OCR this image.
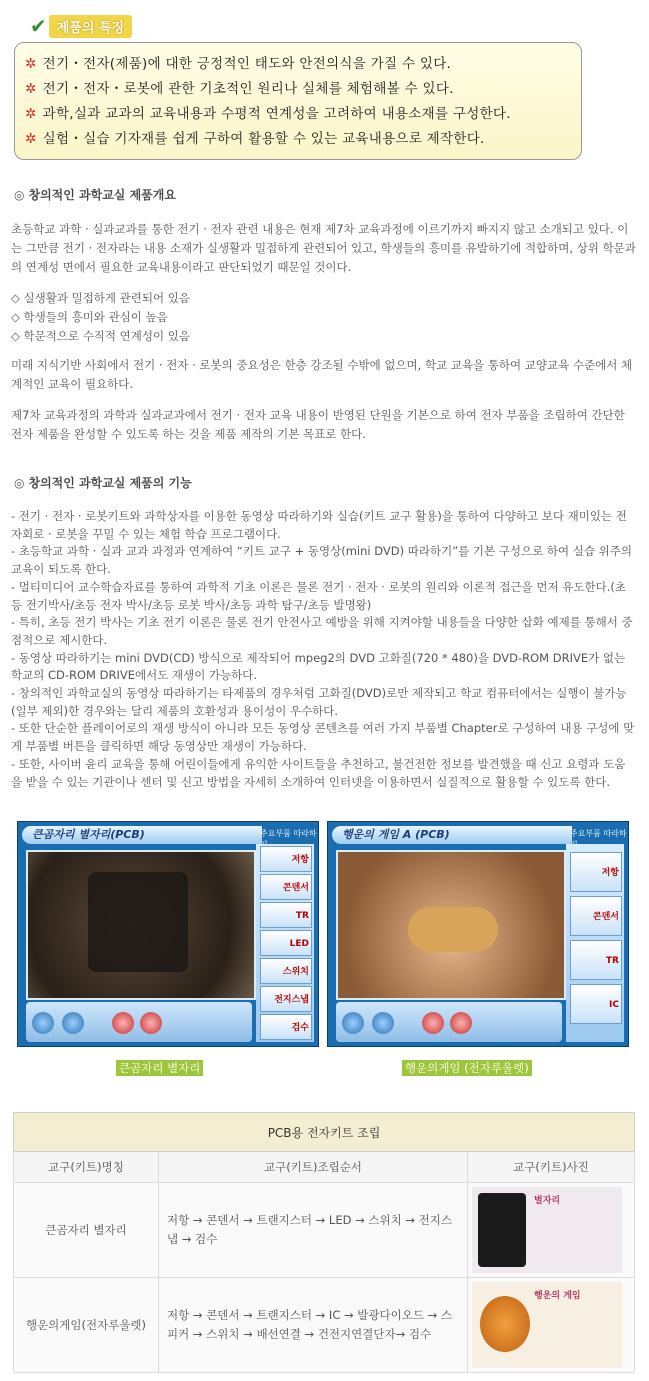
✔ 제품의 특징
✲ 전기・전자(제품)에 대한 긍정적인 태도와 안전의식을 가질 수 있다.
✲ 전기・전자・로봇에 관한 기초적인 원리나 실체를 체험해볼 수 있다.
✲ 과학,실과 교과의 교육내용과 수평적 연계성을 고려하여 내용소재를 구성한다.
✲ 실험・실습 기자재를 쉽게 구하여 활용할 수 있는 교육내용으로 제작한다.
◎ 창의적인 과학교실 제품개요
초등학교 과학 · 실과교과를 통한 전기 · 전자 관련 내용은 현재 제7차 교육과정에 이르기까지 빠지지 않고 소개되고 있다. 이는 그만큼 전기 · 전자라는 내용 소재가 실생활과 밀접하게 관련되어 있고, 학생들의 흥미를 유발하기에 적합하며, 상위 학문과의 연계성 면에서 필요한 교육내용이라고 판단되었기 때문일 것이다.

◇ 실생활과 밀접하게 관련되어 있음

◇ 학생들의 흥미와 관심이 높음

◇ 학문적으로 수직적 연계성이 있음

미래 지식기반 사회에서 전기 · 전자 · 로봇의 중요성은 한층 강조될 수밖에 없으며, 학교 교육을 통하여 교양교육 수준에서 체계적인 교육이 필요하다.
제7차 교육과정의 과학과 실과교과에서 전기 · 전자 교육 내용이 반영된 단원을 기본으로 하여 전자 부품을 조립하여 간단한 전자 제품을 완성할 수 있도록 하는 것을 제품 제작의 기본 목표로 한다.
◎ 창의적인 과학교실 제품의 기능

- 전기 · 전자 · 로봇키트와 과학상자를 이용한 동영상 따라하기와 실습(키트 교구 활용)을 통하여 다양하고 보다 재미있는 전자회로 · 로봇을 꾸밀 수 있는 체험 학습 프로그램이다.

- 초등학교 과학 · 실과 교과 과정과 연계하여 “키트 교구 + 동영상(mini DVD) 따라하기”를 기본 구성으로 하여 실습 위주의 교육이 되도록 한다.

- 멀티미디어 교수학습자료를 통하여 과학적 기초 이론은 물론 전기 · 전자 · 로봇의 원리와 이론적 접근을 먼저 유도한다.(초등 전기박사/초등 전자 박사/초등 로봇 박사/초등 과학 탐구/초등 발명왕)

- 특히, 초등 전기 박사는 기초 전기 이론은 물론 전기 안전사고 예방을 위해 지켜야할 내용들을 다양한 삽화 예제를 통해서 중점적으로 제시한다.

- 동영상 따라하기는 mini DVD(CD) 방식으로 제작되어 mpeg2의 DVD 고화질(720 * 480)을 DVD-ROM DRIVE가 없는 학교의 CD-ROM DRIVE에서도 재생이 가능하다.

- 창의적인 과학교실의 동영상 따라하기는 타제품의 경우처럼 고화질(DVD)로만 제작되고 학교 컴퓨터에서는 실행이 불가능(일부 제외)한 경우와는 달리 제품의 호환성과 용이성이 우수하다.

- 또한 단순한 플레이어로의 재생 방식이 아니라 모든 동영상 콘텐츠를 여러 가지 부품별 Chapter로 구성하여 내용 구성에 맞게 부품별 버튼을 클릭하면 해당 동영상만 재생이 가능하다.

- 또한, 사이버 윤리 교육을 통해 어린이들에게 유익한 사이트들을 추천하고, 불건전한 정보를 발견했을 때 신고 요령과 도움을 받을 수 있는 기관이나 센터 및 신고 방법을 자세히 소개하여 인터넷을 이용하면서 실질적으로 활용할 수 있도록 한다.

큰곰자리 별자리(PCB)	주요부품 따라하
저항
콘덴서
TR
LED
스위치
전지스냅
검수
큰곰자리 별자리
행운의 게임 A (PCB)	주요부품 따라하
저항
콘덴서
TR
IC
행운의게임 (전자루울렛)
PCB용 전자키트 조립		
교구(키트)명칭	교구(키트)조립순서	교구(키트)사진
큰곰자리 별자리	저항 → 콘덴서 → 트랜지스터 → LED → 스위치 → 전지스냅 → 검수	별자리

행운의게임(전자루울렛)	저항 → 콘덴서 → 트랜지스터 → IC → 발광다이오드 → 스피커 → 스위치 → 배선연결 → 건전지연결단자→ 검수	행운의 게임
